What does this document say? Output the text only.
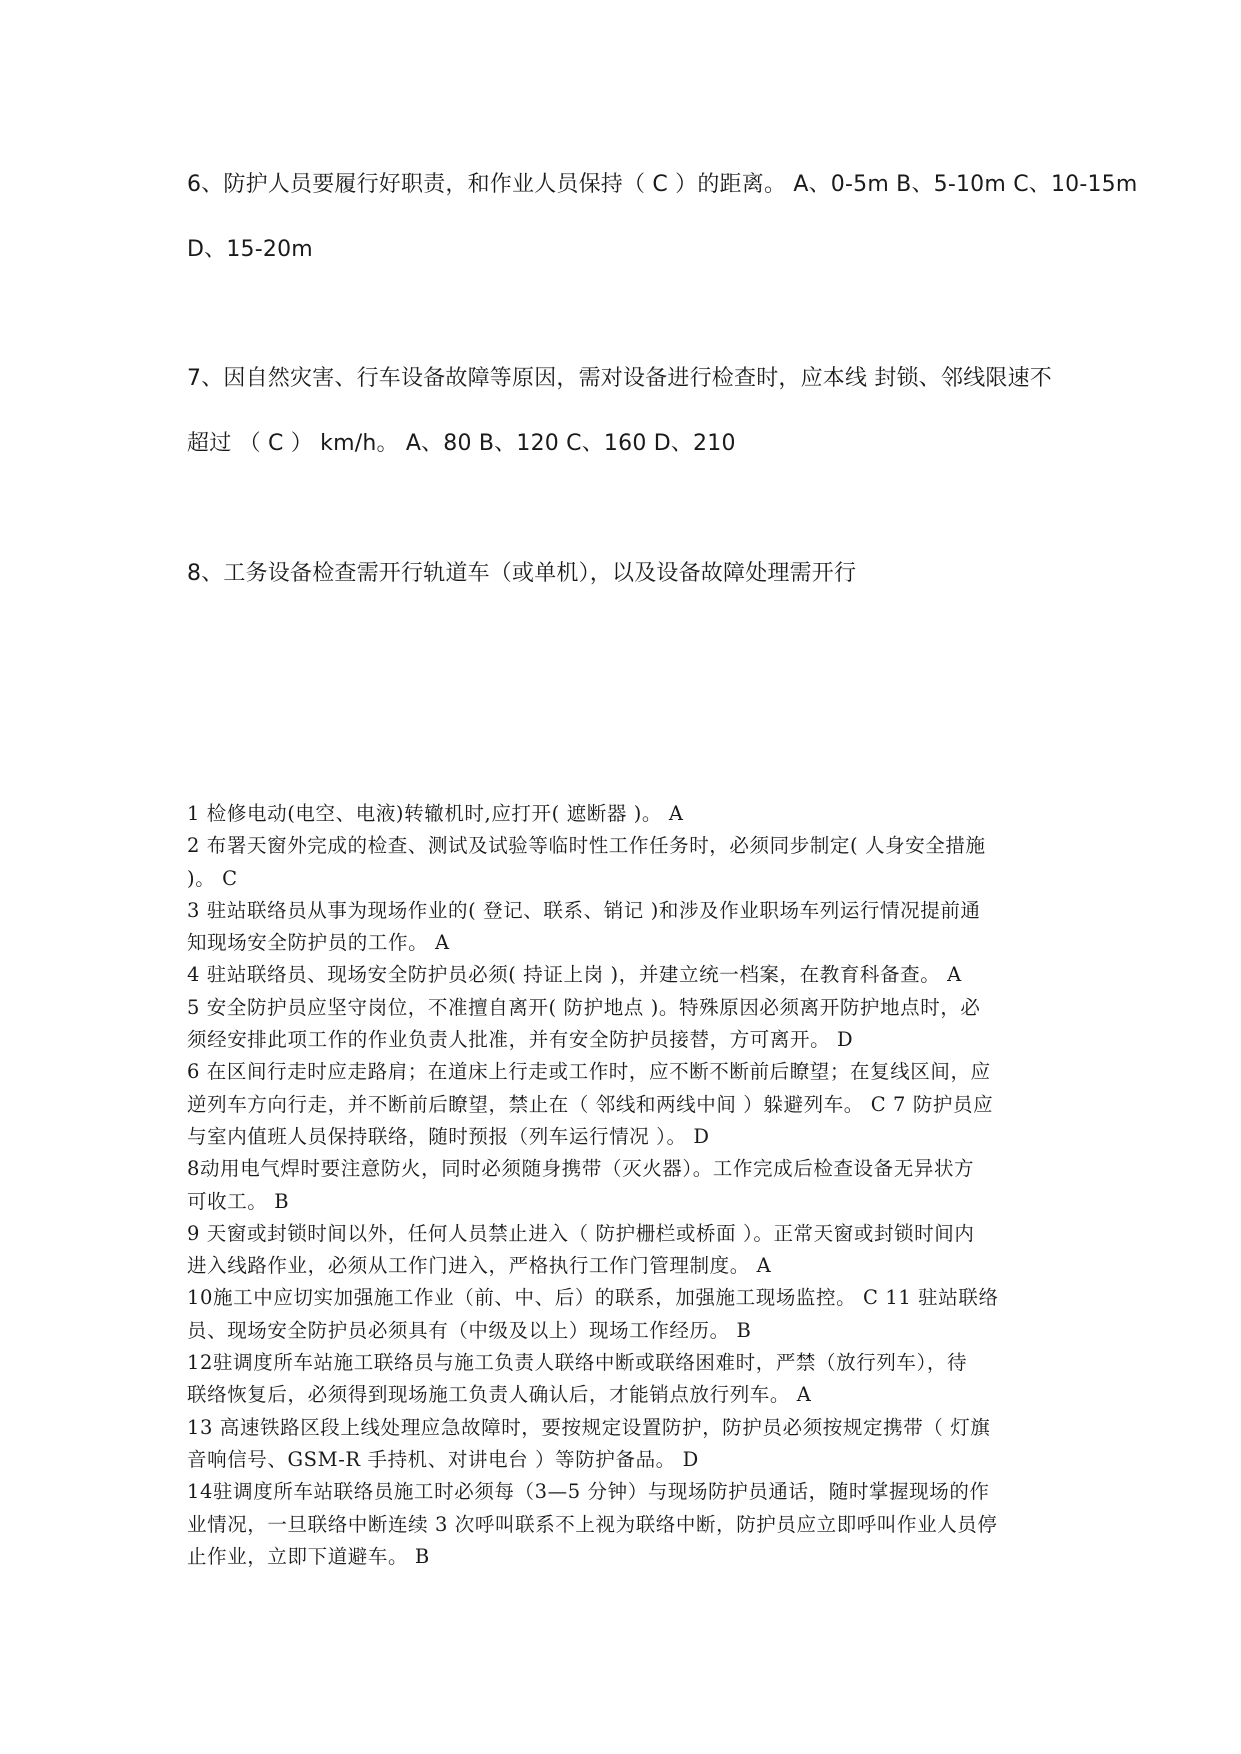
6、防护人员要履行好职责，和作业人员保持（ C ）的距离。 A、0-5m B、5-10m C、10-15m
D、15-20m
7、因自然灾害、行车设备故障等原因，需对设备进行检查时，应本线 封锁、邻线限速不
超过 （ C ） km/h。 A、80 B、120 C、160 D、210
8、工务设备检查需开行轨道车（或单机），以及设备故障处理需开行
1 检修电动(电空、电液)转辙机时,应打开( 遮断器 )。 A
2 布署天窗外完成的检查、测试及试验等临时性工作任务时，必须同步制定( 人身安全措施
)。 C
3 驻站联络员从事为现场作业的( 登记、联系、销记 )和涉及作业职场车列运行情况提前通
知现场安全防护员的工作。 A
4 驻站联络员、现场安全防护员必须( 持证上岗 )，并建立统一档案，在教育科备查。 A
5 安全防护员应坚守岗位，不准擅自离开( 防护地点 )。特殊原因必须离开防护地点时，必
须经安排此项工作的作业负责人批准，并有安全防护员接替，方可离开。 D
6 在区间行走时应走路肩；在道床上行走或工作时，应不断不断前后瞭望；在复线区间，应
逆列车方向行走，并不断前后瞭望，禁止在（ 邻线和两线中间 ）躲避列车。 C 7 防护员应
与室内值班人员保持联络，随时预报（列车运行情况 ）。 D
8动用电气焊时要注意防火，同时必须随身携带（灭火器）。工作完成后检查设备无异状方
可收工。 B
9 天窗或封锁时间以外，任何人员禁止进入（ 防护栅栏或桥面 ）。正常天窗或封锁时间内
进入线路作业，必须从工作门进入，严格执行工作门管理制度。 A
10施工中应切实加强施工作业（前、中、后）的联系，加强施工现场监控。 C 11 驻站联络
员、现场安全防护员必须具有（中级及以上）现场工作经历。 B
12驻调度所车站施工联络员与施工负责人联络中断或联络困难时，严禁（放行列车），待
联络恢复后，必须得到现场施工负责人确认后，才能销点放行列车。 A
13 高速铁路区段上线处理应急故障时，要按规定设置防护，防护员必须按规定携带（ 灯旗
音响信号、GSM-R 手持机、对讲电台 ）等防护备品。 D
14驻调度所车站联络员施工时必须每（3—5 分钟）与现场防护员通话，随时掌握现场的作
业情况，一旦联络中断连续 3 次呼叫联系不上视为联络中断，防护员应立即呼叫作业人员停
止作业，立即下道避车。 B
